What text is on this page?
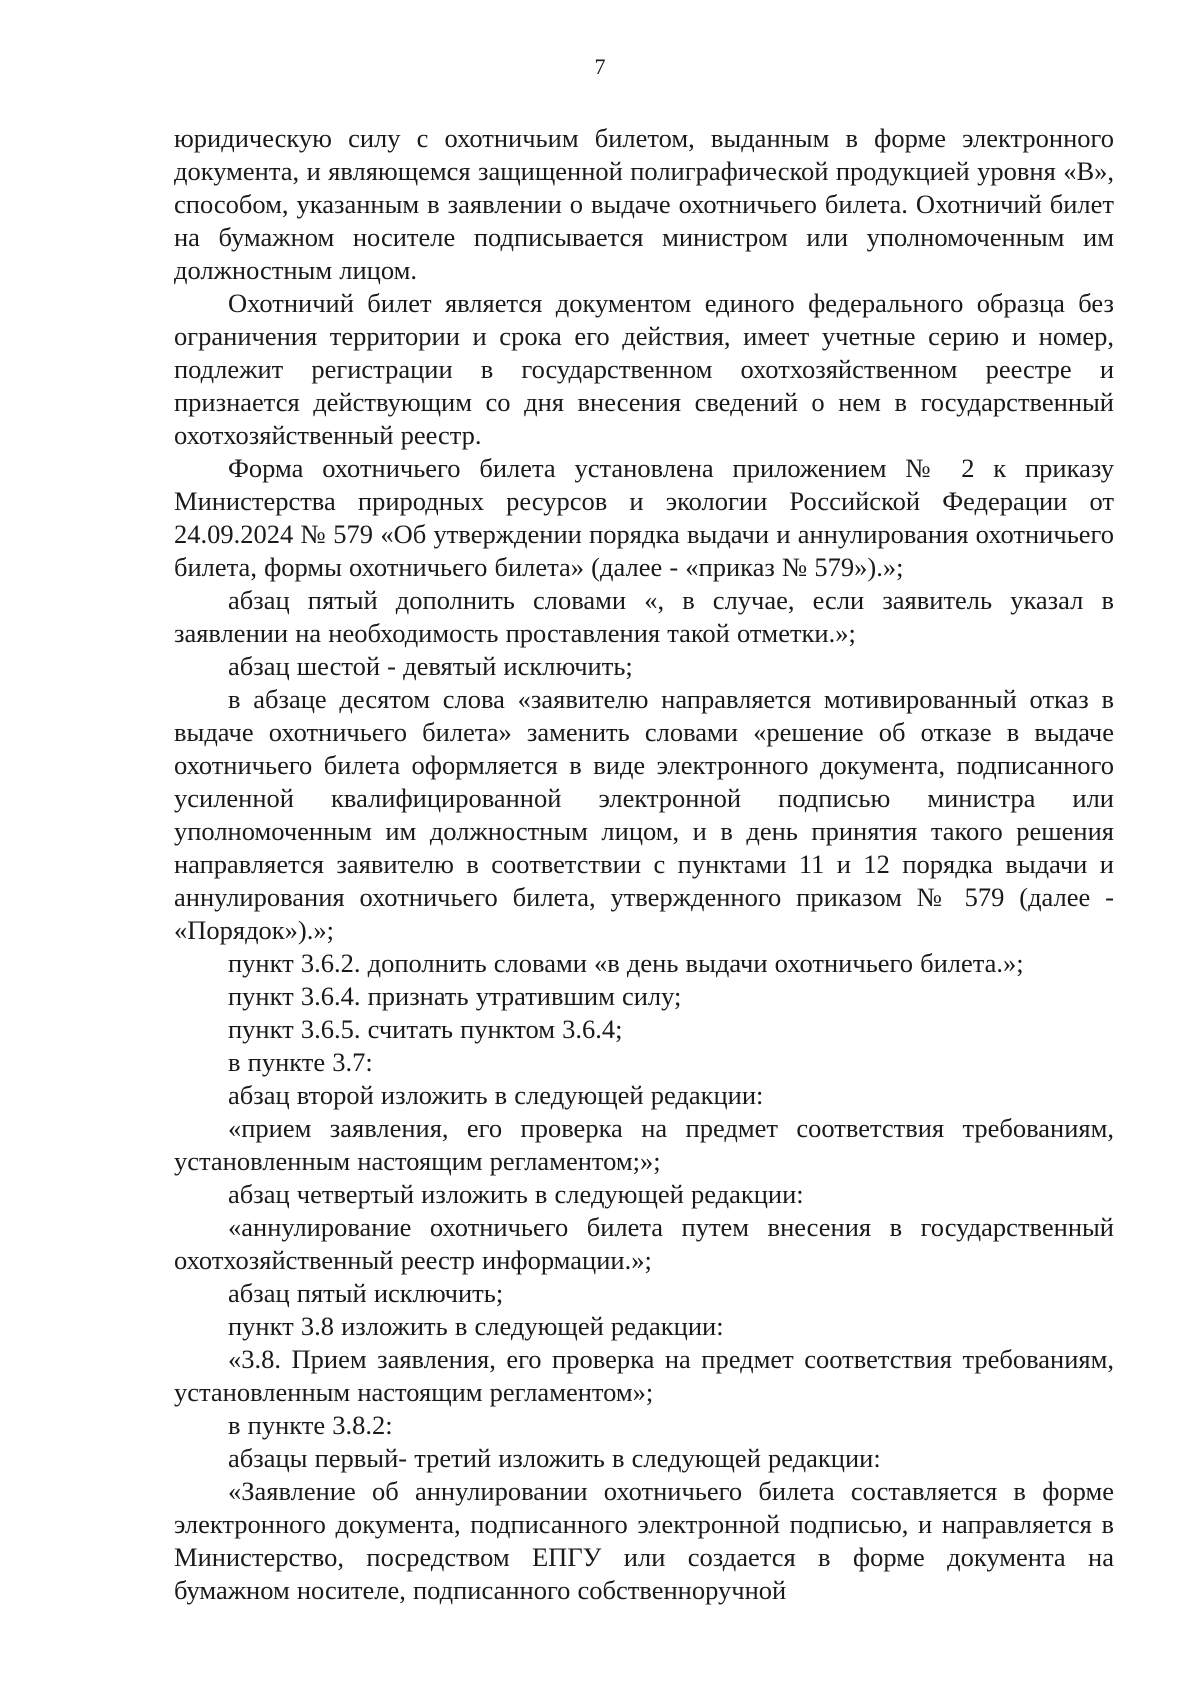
7

юридическую силу с охотничьим билетом, выданным в форме электронного документа, и являющемся защищенной полиграфической продукцией уровня «В», способом, указанным в заявлении о выдаче охотничьего билета. Охотничий билет на бумажном носителе подписывается министром или уполномоченным им должностным лицом.

Охотничий билет является документом единого федерального образца без ограничения территории и срока его действия, имеет учетные серию и номер, подлежит регистрации в государственном охотхозяйственном реестре и признается действующим со дня внесения сведений о нем в государственный охотхозяйственный реестр.

Форма охотничьего билета установлена приложением № 2 к приказу Министерства природных ресурсов и экологии Российской Федерации от 24.09.2024 № 579 «Об утверждении порядка выдачи и аннулирования охотничьего билета, формы охотничьего билета» (далее - «приказ № 579»).»;

абзац пятый дополнить словами «, в случае, если заявитель указал в заявлении на необходимость проставления такой отметки.»;

абзац шестой - девятый исключить;

в абзаце десятом слова «заявителю направляется мотивированный отказ в выдаче охотничьего билета» заменить словами «решение об отказе в выдаче охотничьего билета оформляется в виде электронного документа, подписанного усиленной квалифицированной электронной подписью министра или уполномоченным им должностным лицом, и в день принятия такого решения направляется заявителю в соответствии с пунктами 11 и 12 порядка выдачи и аннулирования охотничьего билета, утвержденного приказом № 579 (далее - «Порядок»).»;

пункт 3.6.2. дополнить словами «в день выдачи охотничьего билета.»;

пункт 3.6.4. признать утратившим силу;

пункт 3.6.5. считать пунктом 3.6.4;

в пункте 3.7:

абзац второй изложить в следующей редакции:

«прием заявления, его проверка на предмет соответствия требованиям, установленным настоящим регламентом;»;

абзац четвертый изложить в следующей редакции:

«аннулирование охотничьего билета путем внесения в государственный охотхозяйственный реестр информации.»;

абзац пятый исключить;

пункт 3.8 изложить в следующей редакции:

«3.8. Прием заявления, его проверка на предмет соответствия требованиям, установленным настоящим регламентом»;

в пункте 3.8.2:

абзацы первый- третий изложить в следующей редакции:

«Заявление об аннулировании охотничьего билета составляется в форме электронного документа, подписанного электронной подписью, и направляется в Министерство, посредством ЕПГУ или создается в форме документа на бумажном носителе, подписанного собственноручной
